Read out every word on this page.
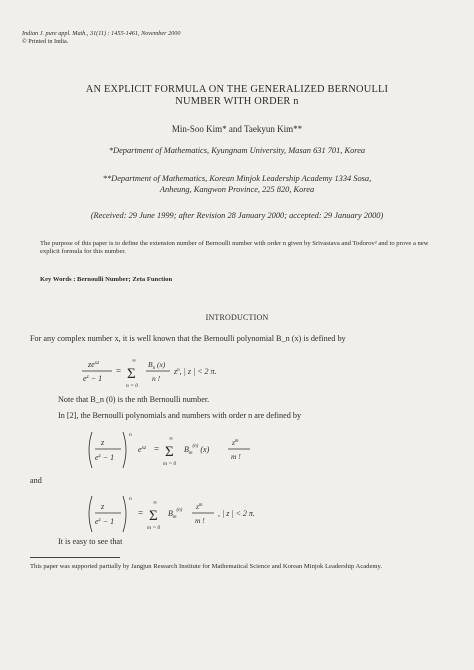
Indian J. pure appl. Math., 31(11) : 1455-1461, November 2000
© Printed in India.
AN EXPLICIT FORMULA ON THE GENERALIZED BERNOULLI
NUMBER WITH ORDER n
Min-Soo Kim* and Taekyun Kim**
*Department of Mathematics, Kyungnam University, Masan 631 701, Korea
**Department of Mathematics, Korean Minjok Leadership Academy 1334 Sosa,
Anheung, Kangwon Province, 225 820, Korea
(Received: 29 June 1999; after Revision 28 January 2000; accepted: 29 January 2000)
The purpose of this paper is to define the extension number of Bernoulli number with order n given by Srivastava and Todorov² and to prove a new explicit formula for this number.
Key Words : Bernoulli Number; Zeta Function
INTRODUCTION
For any complex number x, it is well known that the Bernoulli polynomial B_n (x) is defined by
$ze^{xz}$
$e^z - 1$
=
∞
Σ
n = 0
$B_n$ (x)
n !
$z^n$, | z | < 2 π.
Note that B_n (0) is the nth Bernoulli number.
In [2], the Bernoulli polynomials and numbers with order n are defined by
z
$e^z - 1$
n
$e^{xz}$ =
∞
Σ
m = 0
$B_m^{(n)}$ (x)
$z^m$
m !
and
z
$e^z - 1$
n
=
∞
Σ
m = 0
$B_m^{(n)}$ $z^m$
m !
, | z | < 2 π.
It is easy to see that
This paper was supported partially by Jangjun Research Institute for Mathematical Science and Korean Minjok Leadership Academy.
